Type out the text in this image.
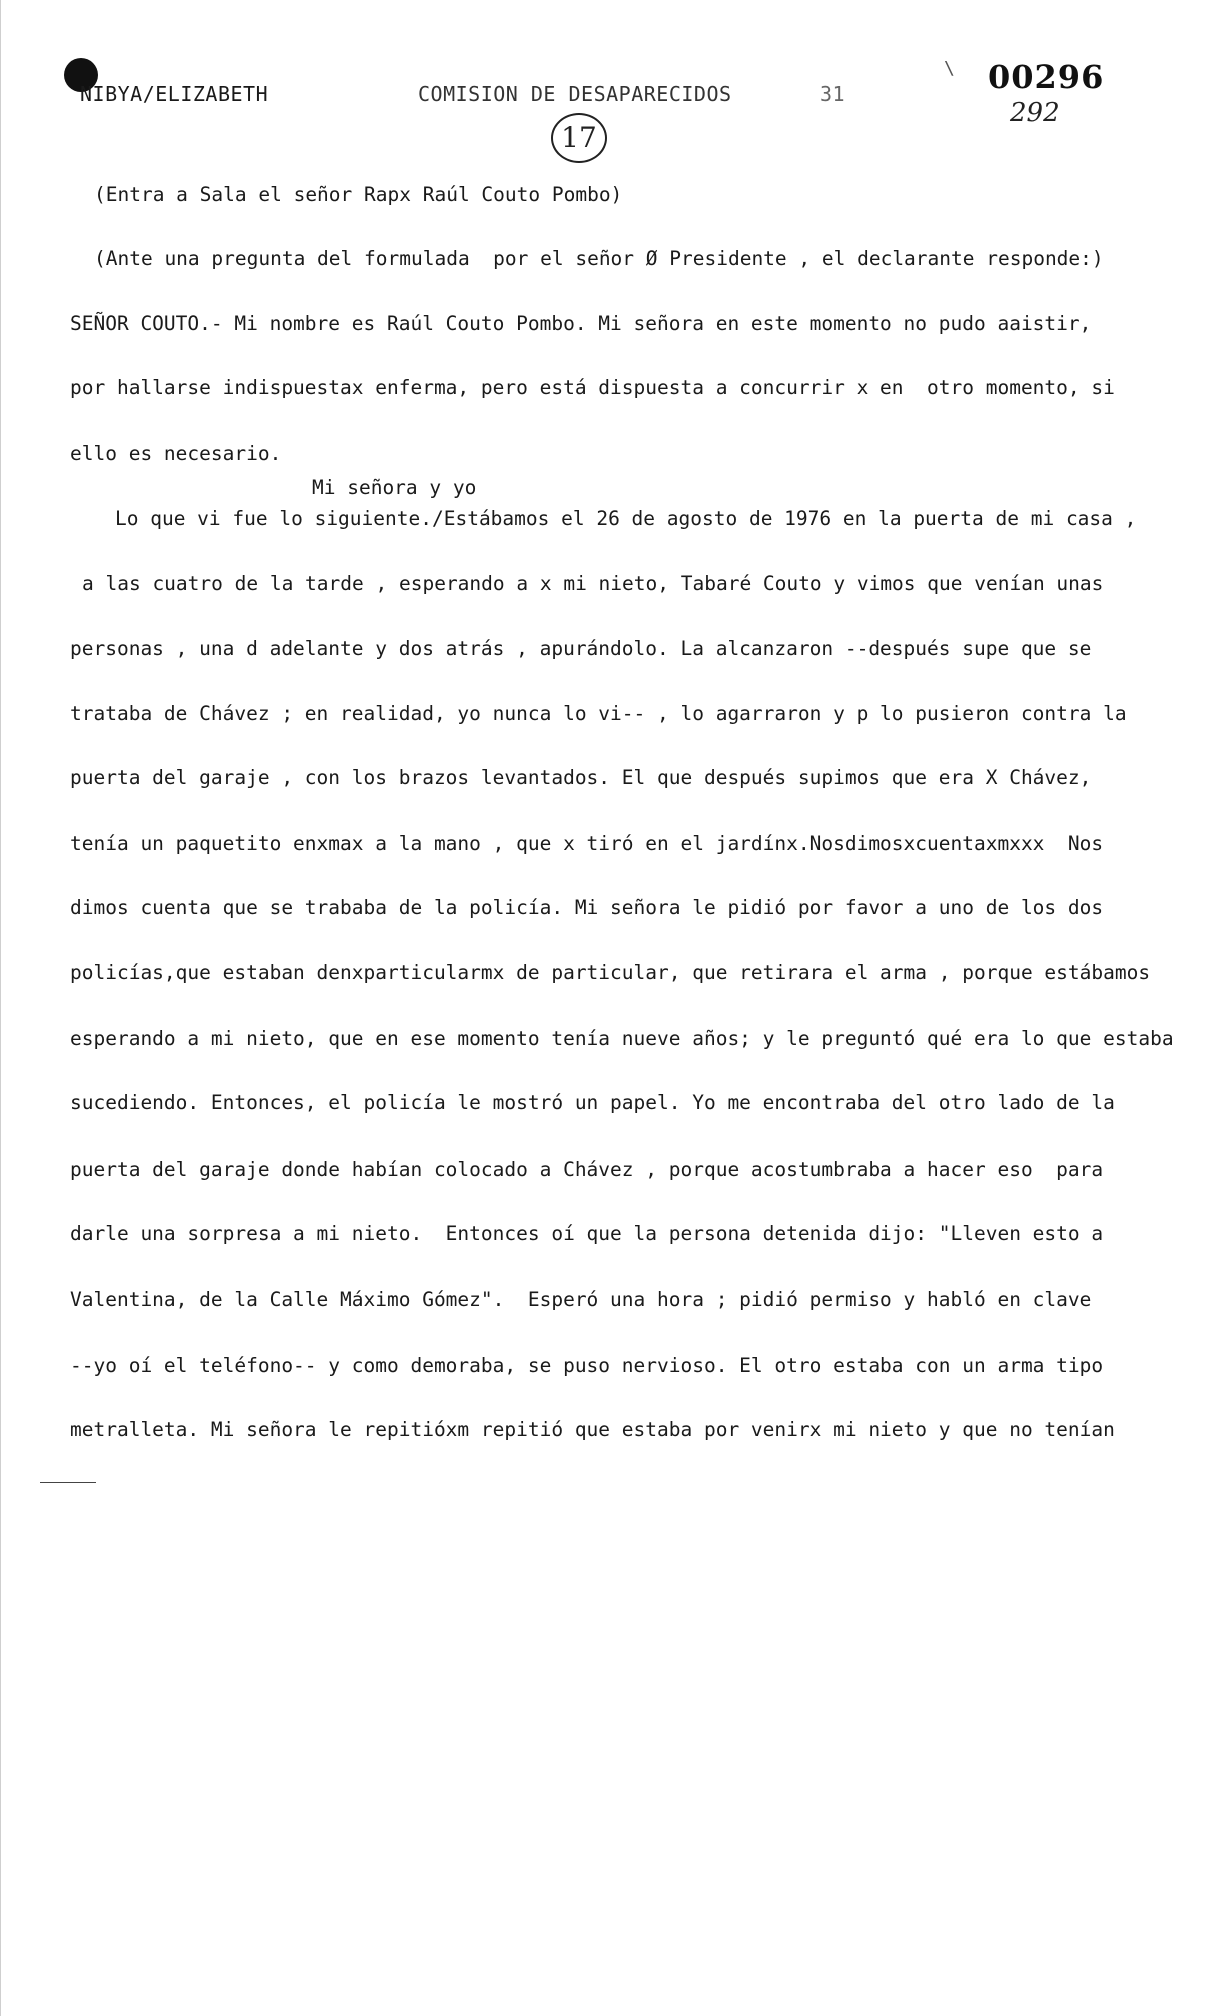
NIBYA/ELIZABETH	COMISION DE DESAPARECIDOS	31
\ 00296
292
17
(Entra a Sala el señor Rapx Raúl Couto Pombo)
(Ante una pregunta del formulada  por el señor Ø Presidente , el declarante responde:)
SEÑOR COUTO.- Mi nombre es Raúl Couto Pombo. Mi señora en este momento no pudo aaistir,
por hallarse indispuestax enferma, pero está dispuesta a concurrir x en  otro momento, si
ello es necesario.
Mi señora y yo
Lo que vi fue lo siguiente./Estábamos el 26 de agosto de 1976 en la puerta de mi casa ,
a las cuatro de la tarde , esperando a x mi nieto, Tabaré Couto y vimos que venían unas
personas , una d adelante y dos atrás , apurándolo. La alcanzaron --después supe que se
trataba de Chávez ; en realidad, yo nunca lo vi-- , lo agarraron y p lo pusieron contra la
puerta del garaje , con los brazos levantados. El que después supimos que era X Chávez,
tenía un paquetito enxmax a la mano , que x tiró en el jardínx.Nosdimosxcuentaxmxxx  Nos
dimos cuenta que se trababa de la policía. Mi señora le pidió por favor a uno de los dos
policías,que estaban denxparticularmx de particular, que retirara el arma , porque estábamos
esperando a mi nieto, que en ese momento tenía nueve años; y le preguntó qué era lo que estaba
sucediendo. Entonces, el policía le mostró un papel. Yo me encontraba del otro lado de la
puerta del garaje donde habían colocado a Chávez , porque acostumbraba a hacer eso  para
darle una sorpresa a mi nieto.  Entonces oí que la persona detenida dijo: "Lleven esto a
Valentina, de la Calle Máximo Gómez".  Esperó una hora ; pidió permiso y habló en clave
--yo oí el teléfono-- y como demoraba, se puso nervioso. El otro estaba con un arma tipo
metralleta. Mi señora le repitióxm repitió que estaba por venirx mi nieto y que no tenían
